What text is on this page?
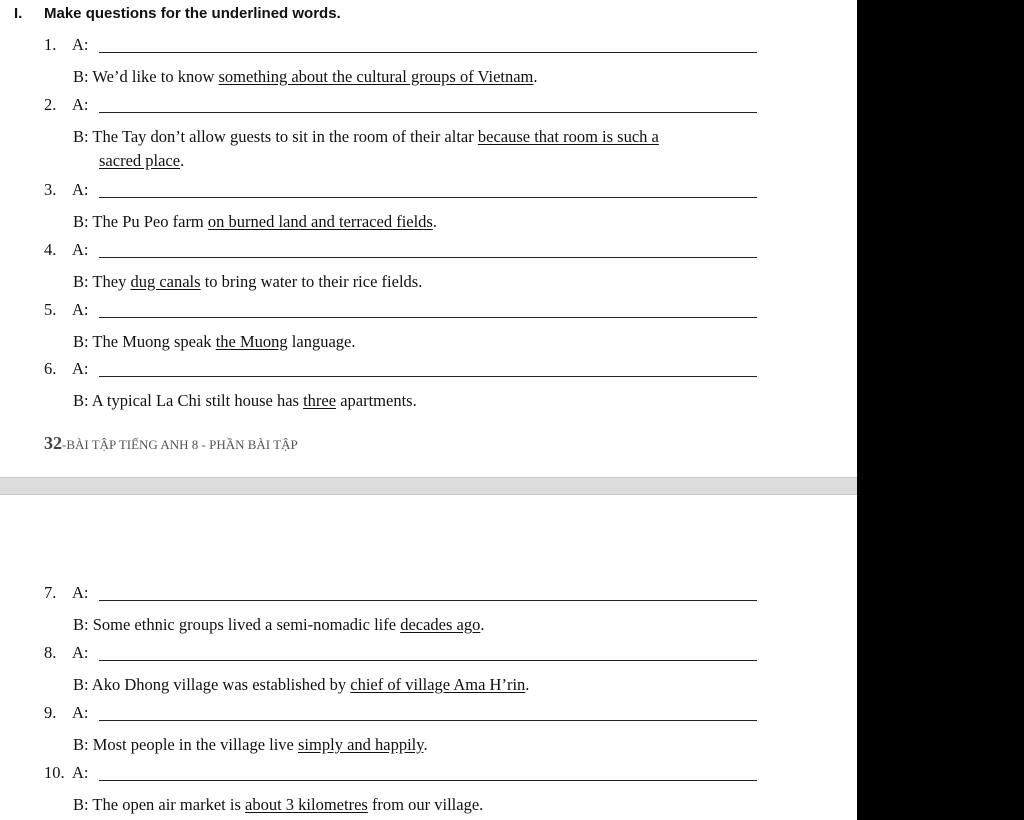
I. Make questions for the underlined words.
1. A:
B: We’d like to know something about the cultural groups of Vietnam.
2. A:
B: The Tay don’t allow guests to sit in the room of their altar because that room is such a
sacred place.
3. A:
B: The Pu Peo farm on burned land and terraced fields.
4. A:
B: They dug canals to bring water to their rice fields.
5. A:
B: The Muong speak the Muong language.
6. A:
B: A typical La Chi stilt house has three apartments.
32-BÀI TẬP TIẾNG ANH 8 - PHẦN BÀI TẬP
7. A:
B: Some ethnic groups lived a semi-nomadic life decades ago.
8. A:
B: Ako Dhong village was established by chief of village Ama H’rin.
9. A:
B: Most people in the village live simply and happily.
10. A:
B: The open air market is about 3 kilometres from our village.
